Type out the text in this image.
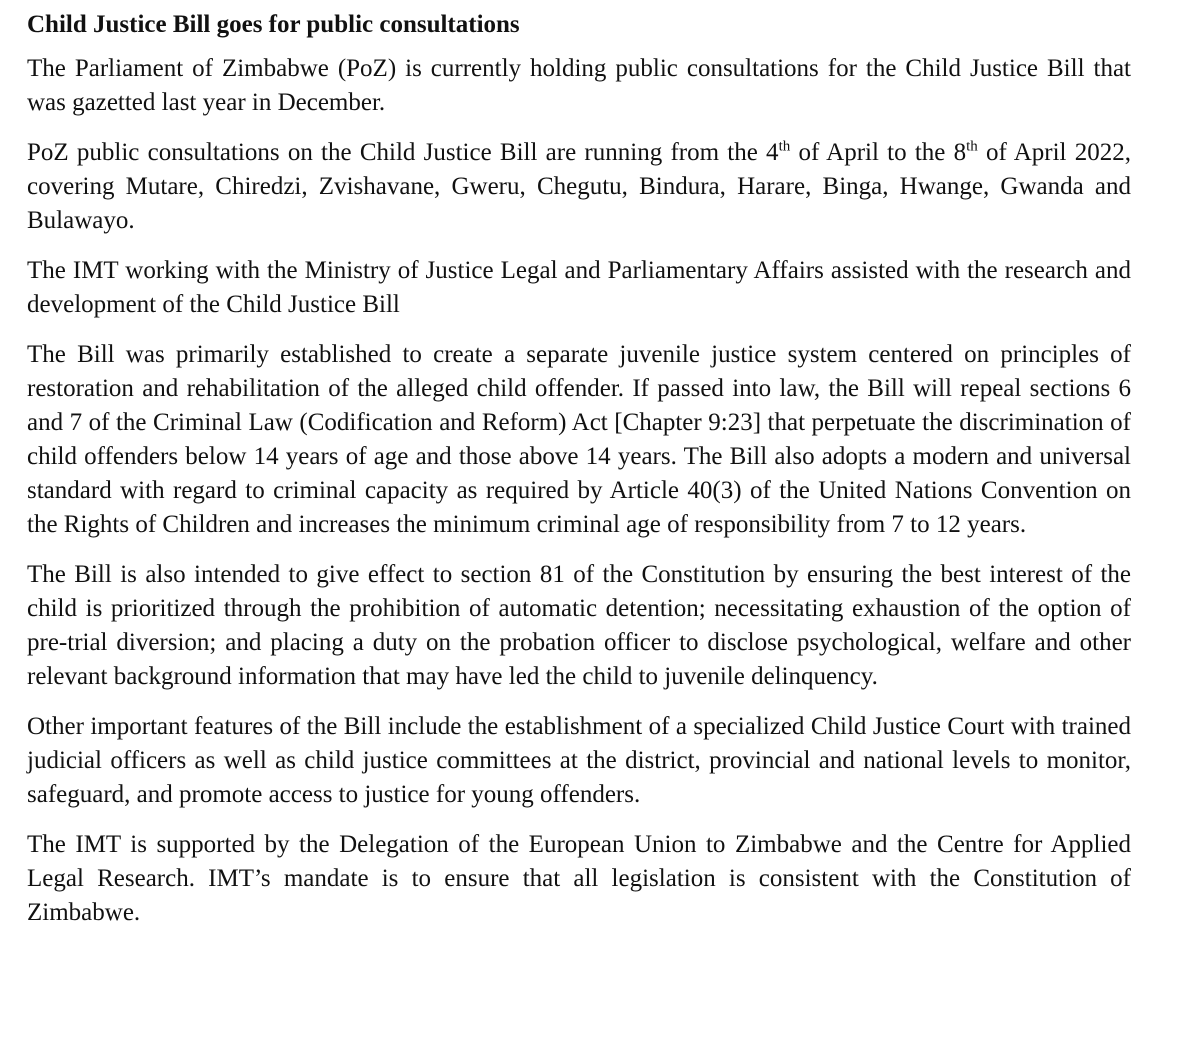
Child Justice Bill goes for public consultations

The Parliament of Zimbabwe (PoZ) is currently holding public consultations for the Child Justice Bill that was gazetted last year in December.

PoZ public consultations on the Child Justice Bill are running from the 4th of April to the 8th of April 2022, covering Mutare, Chiredzi, Zvishavane, Gweru, Chegutu, Bindura, Harare, Binga, Hwange, Gwanda and Bulawayo.

The IMT working with the Ministry of Justice Legal and Parliamentary Affairs assisted with the research and development of the Child Justice Bill

The Bill was primarily established to create a separate juvenile justice system centered on principles of restoration and rehabilitation of the alleged child offender. If passed into law, the Bill will repeal sections 6 and 7 of the Criminal Law (Codification and Reform) Act [Chapter 9:23] that perpetuate the discrimination of child offenders below 14 years of age and those above 14 years. The Bill also adopts a modern and universal standard with regard to criminal capacity as required by Article 40(3) of the United Nations Convention on the Rights of Children and increases the minimum criminal age of responsibility from 7 to 12 years.

The Bill is also intended to give effect to section 81 of the Constitution by ensuring the best interest of the child is prioritized through the prohibition of automatic detention; necessitating exhaustion of the option of pre-trial diversion; and placing a duty on the probation officer to disclose psychological, welfare and other relevant background information that may have led the child to juvenile delinquency.

Other important features of the Bill include the establishment of a specialized Child Justice Court with trained judicial officers as well as child justice committees at the district, provincial and national levels to monitor, safeguard, and promote access to justice for young offenders.

The IMT is supported by the Delegation of the European Union to Zimbabwe and the Centre for Applied Legal Research. IMT’s mandate is to ensure that all legislation is consistent with the Constitution of Zimbabwe.
